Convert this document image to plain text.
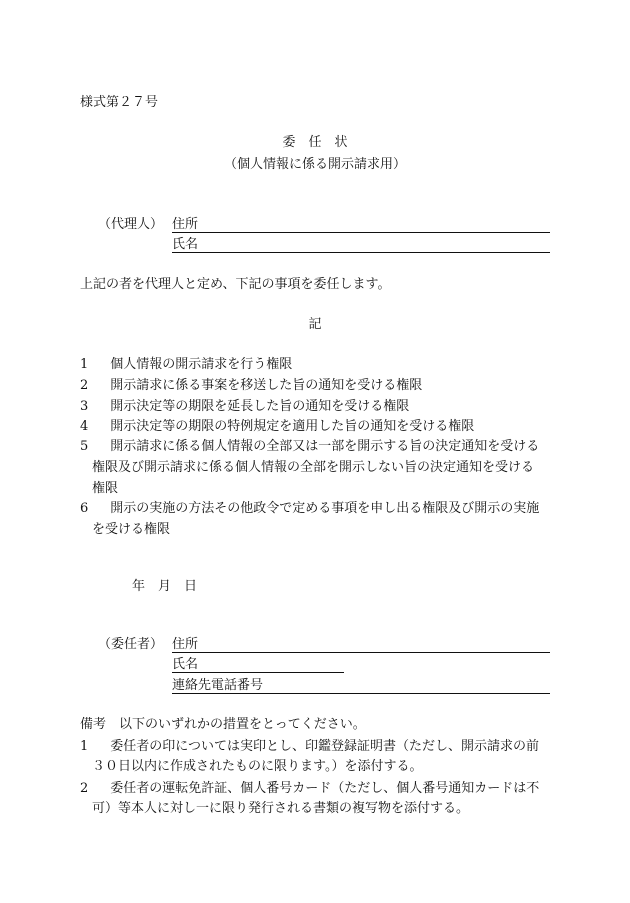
様式第２７号
委　任　状
（個人情報に係る開示請求用）
（代理人） 住所
氏名
上記の者を代理人と定め、下記の事項を委任します。
記
1 個人情報の開示請求を行う権限
2 開示請求に係る事案を移送した旨の通知を受ける権限
3 開示決定等の期限を延長した旨の通知を受ける権限
4 開示決定等の期限の特例規定を適用した旨の通知を受ける権限
5 開示請求に係る個人情報の全部又は一部を開示する旨の決定通知を受ける
権限及び開示請求に係る個人情報の全部を開示しない旨の決定通知を受ける
権限
6 開示の実施の方法その他政令で定める事項を申し出る権限及び開示の実施
を受ける権限
年　月　日
（委任者） 住所
氏名
連絡先電話番号
備考　以下のいずれかの措置をとってください。
1 委任者の印については実印とし、印鑑登録証明書（ただし、開示請求の前
３０日以内に作成されたものに限ります。）を添付する。
2 委任者の運転免許証、個人番号カード（ただし、個人番号通知カードは不
可）等本人に対し一に限り発行される書類の複写物を添付する。
